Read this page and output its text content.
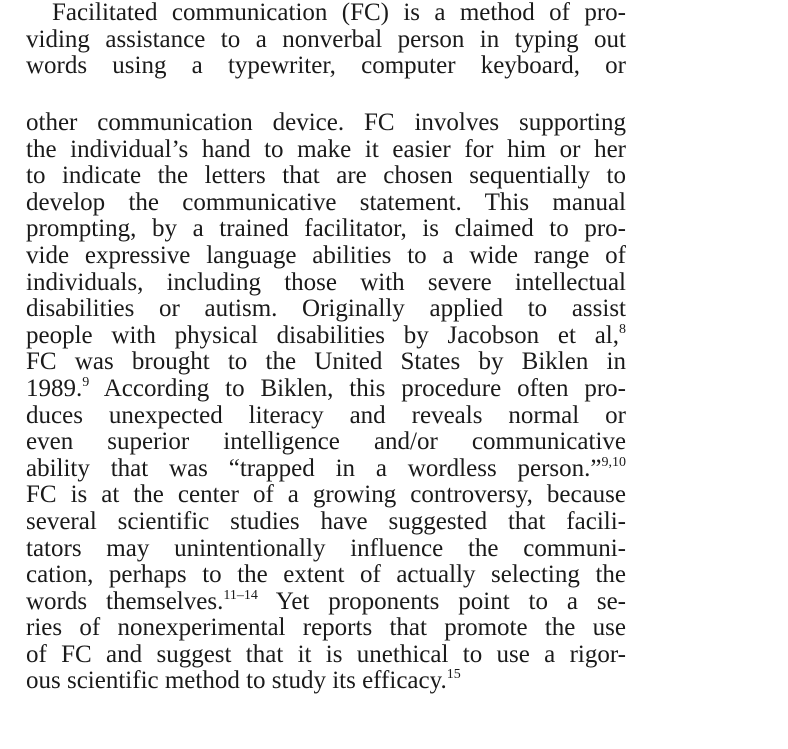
Facilitated communication (FC) is a method of pro-
viding assistance to a nonverbal person in typing out
words using a typewriter, computer keyboard, or
other communication device. FC involves supporting
the individual’s hand to make it easier for him or her
to indicate the letters that are chosen sequentially to
develop the communicative statement. This manual
prompting, by a trained facilitator, is claimed to pro-
vide expressive language abilities to a wide range of
individuals, including those with severe intellectual
disabilities or autism. Originally applied to assist
people with physical disabilities by Jacobson et al,$^8$
FC was brought to the United States by Biklen in
1989.$^9$ According to Biklen, this procedure often pro-
duces unexpected literacy and reveals normal or
even superior intelligence and/or communicative
ability that was “trapped in a wordless person.”$^{9,10}$
FC is at the center of a growing controversy, because
several scientific studies have suggested that facili-
tators may unintentionally influence the communi-
cation, perhaps to the extent of actually selecting the
words themselves.$^{11-14}$ Yet proponents point to a se-
ries of nonexperimental reports that promote the use
of FC and suggest that it is unethical to use a rigor-
ous scientific method to study its efficacy.$^{15}$
